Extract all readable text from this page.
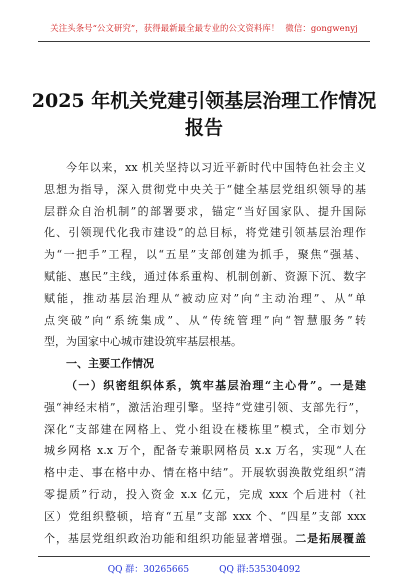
关注头条号“公文研究”，获得最新最全最专业的公文资料库！ 微信：gongwenyj
2025 年机关党建引领基层治理工作情况
报告
今年以来，xx 机关坚持以习近平新时代中国特色社会主义
思想为指导，深入贯彻党中央关于“健全基层党组织领导的基
层群众自治机制”的部署要求，锚定“当好国家队、提升国际
化、引领现代化我市建设”的总目标，将党建引领基层治理作
为“一把手”工程，以“五星”支部创建为抓手，聚焦“强基、
赋能、惠民”主线，通过体系重构、机制创新、资源下沉、数字
赋能，推动基层治理从“被动应对”向“主动治理”、从“单
点突破”向“系统集成”、从“传统管理”向“智慧服务”转
型，为国家中心城市建设筑牢基层根基。
一、主要工作情况
（一）织密组织体系，筑牢基层治理“主心骨”。一是建
强“神经末梢”，激活治理引擎。坚持“党建引领、支部先行”，
深化“支部建在网格上、党小组设在楼栋里”模式，全市划分
城乡网格 x.x 万个，配备专兼职网格员 x.x 万名，实现“人在
格中走、事在格中办、情在格中结”。开展软弱涣散党组织“清
零提质”行动，投入资金 x.x 亿元，完成 xxx 个后进村（社
区）党组织整顿，培育“五星”支部 xxx 个、“四星”支部 xxx
个，基层党组织政治功能和组织功能显著增强。二是拓展覆盖
QQ 群：30265665	QQ 群:535304092
